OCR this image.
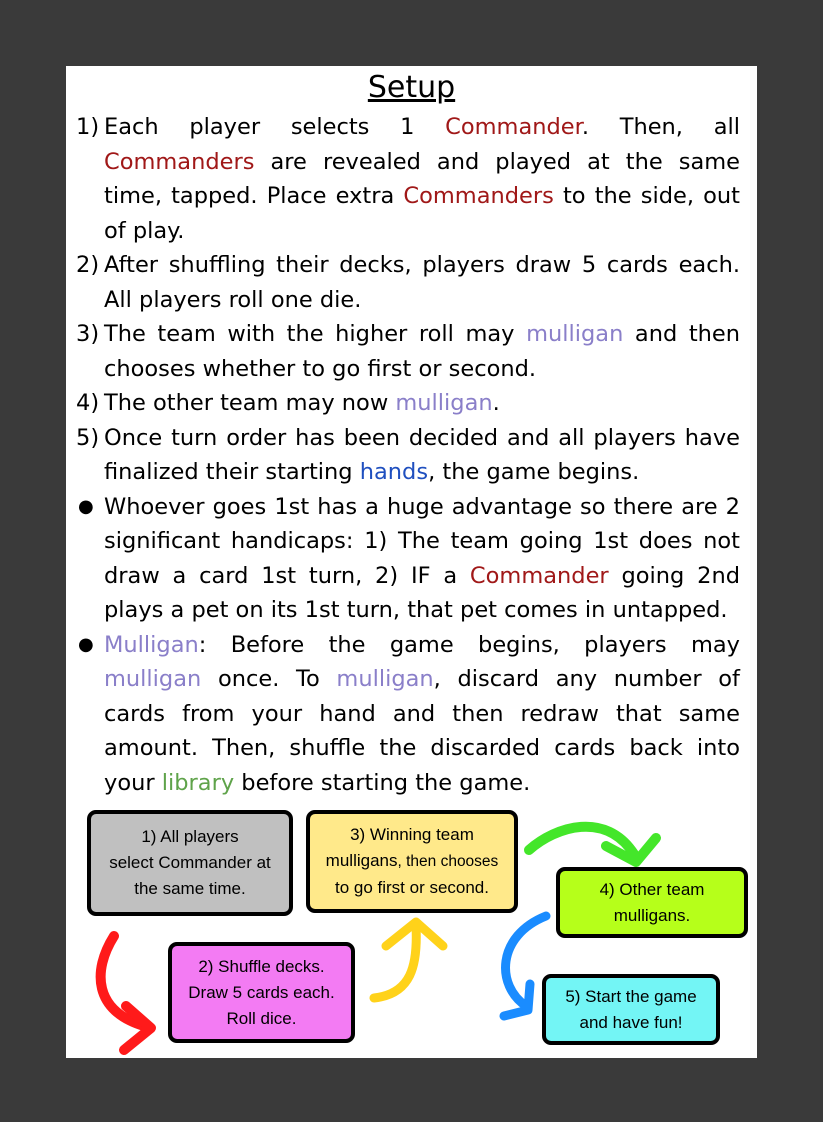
Setup
1) Each player selects 1 Commander. Then, all Commanders are revealed and played at the same time, tapped. Place extra Commanders to the side, out of play.
2) After shuffling their decks, players draw 5 cards each. All players roll one die.
3) The team with the higher roll may mulligan and then chooses whether to go first or second.
4) The other team may now mulligan.
5) Once turn order has been decided and all players have finalized their starting hands, the game begins.
● Whoever goes 1st has a huge advantage so there are 2 significant handicaps: 1) The team going 1st does not draw a card 1st turn, 2) IF a Commander going 2nd plays a pet on its 1st turn, that pet comes in untapped.
● Mulligan: Before the game begins, players may mulligan once. To mulligan, discard any number of cards from your hand and then redraw that same amount. Then, shuffle the discarded cards back into your library before starting the game.
1) All players
select Commander at
the same time.
2) Shuffle decks.
Draw 5 cards each.
Roll dice.
3) Winning team
mulligans, then chooses
to go first or second.	4) Other team
mulligans.
5) Start the game
and have fun!
